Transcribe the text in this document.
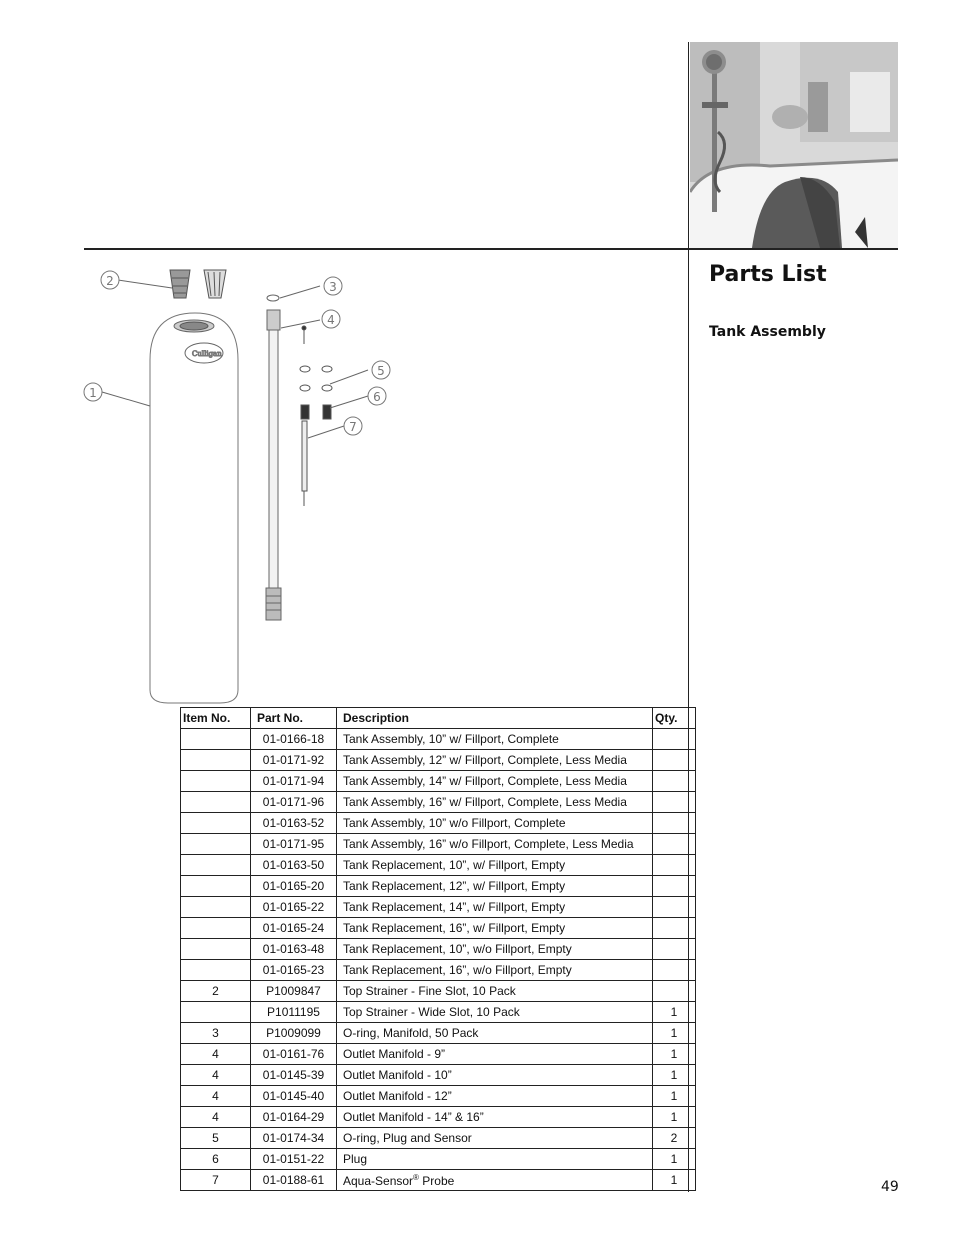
Parts List
Tank Assembly
Culligan
2	3
4
5
6
7
1
Item No.	Part No.	Description	Qty.
	01-0166-18	Tank Assembly, 10” w/ Fillport, Complete	
	01-0171-92	Tank Assembly, 12” w/ Fillport, Complete, Less Media	
	01-0171-94	Tank Assembly, 14” w/ Fillport, Complete, Less Media	
	01-0171-96	Tank Assembly, 16” w/ Fillport, Complete, Less Media	
	01-0163-52	Tank Assembly, 10” w/o Fillport, Complete	
	01-0171-95	Tank Assembly, 16” w/o Fillport, Complete, Less Media	
	01-0163-50	Tank Replacement, 10”, w/ Fillport, Empty	
	01-0165-20	Tank Replacement, 12”, w/ Fillport, Empty	
	01-0165-22	Tank Replacement, 14”, w/ Fillport, Empty	
	01-0165-24	Tank Replacement, 16”, w/ Fillport, Empty	
	01-0163-48	Tank Replacement, 10”, w/o Fillport, Empty	
	01-0165-23	Tank Replacement, 16”, w/o Fillport, Empty	
2	P1009847	Top Strainer - Fine Slot, 10 Pack	
	P1011195	Top Strainer - Wide Slot, 10 Pack	1
3	P1009099	O-ring, Manifold, 50 Pack	1
4	01-0161-76	Outlet Manifold - 9”	1
4	01-0145-39	Outlet Manifold - 10”	1
4	01-0145-40	Outlet Manifold - 12”	1
4	01-0164-29	Outlet Manifold - 14” & 16”	1
5	01-0174-34	O-ring, Plug and Sensor	2
6	01-0151-22	Plug	1
7	01-0188-61	Aqua-Sensor® Probe	1	49
